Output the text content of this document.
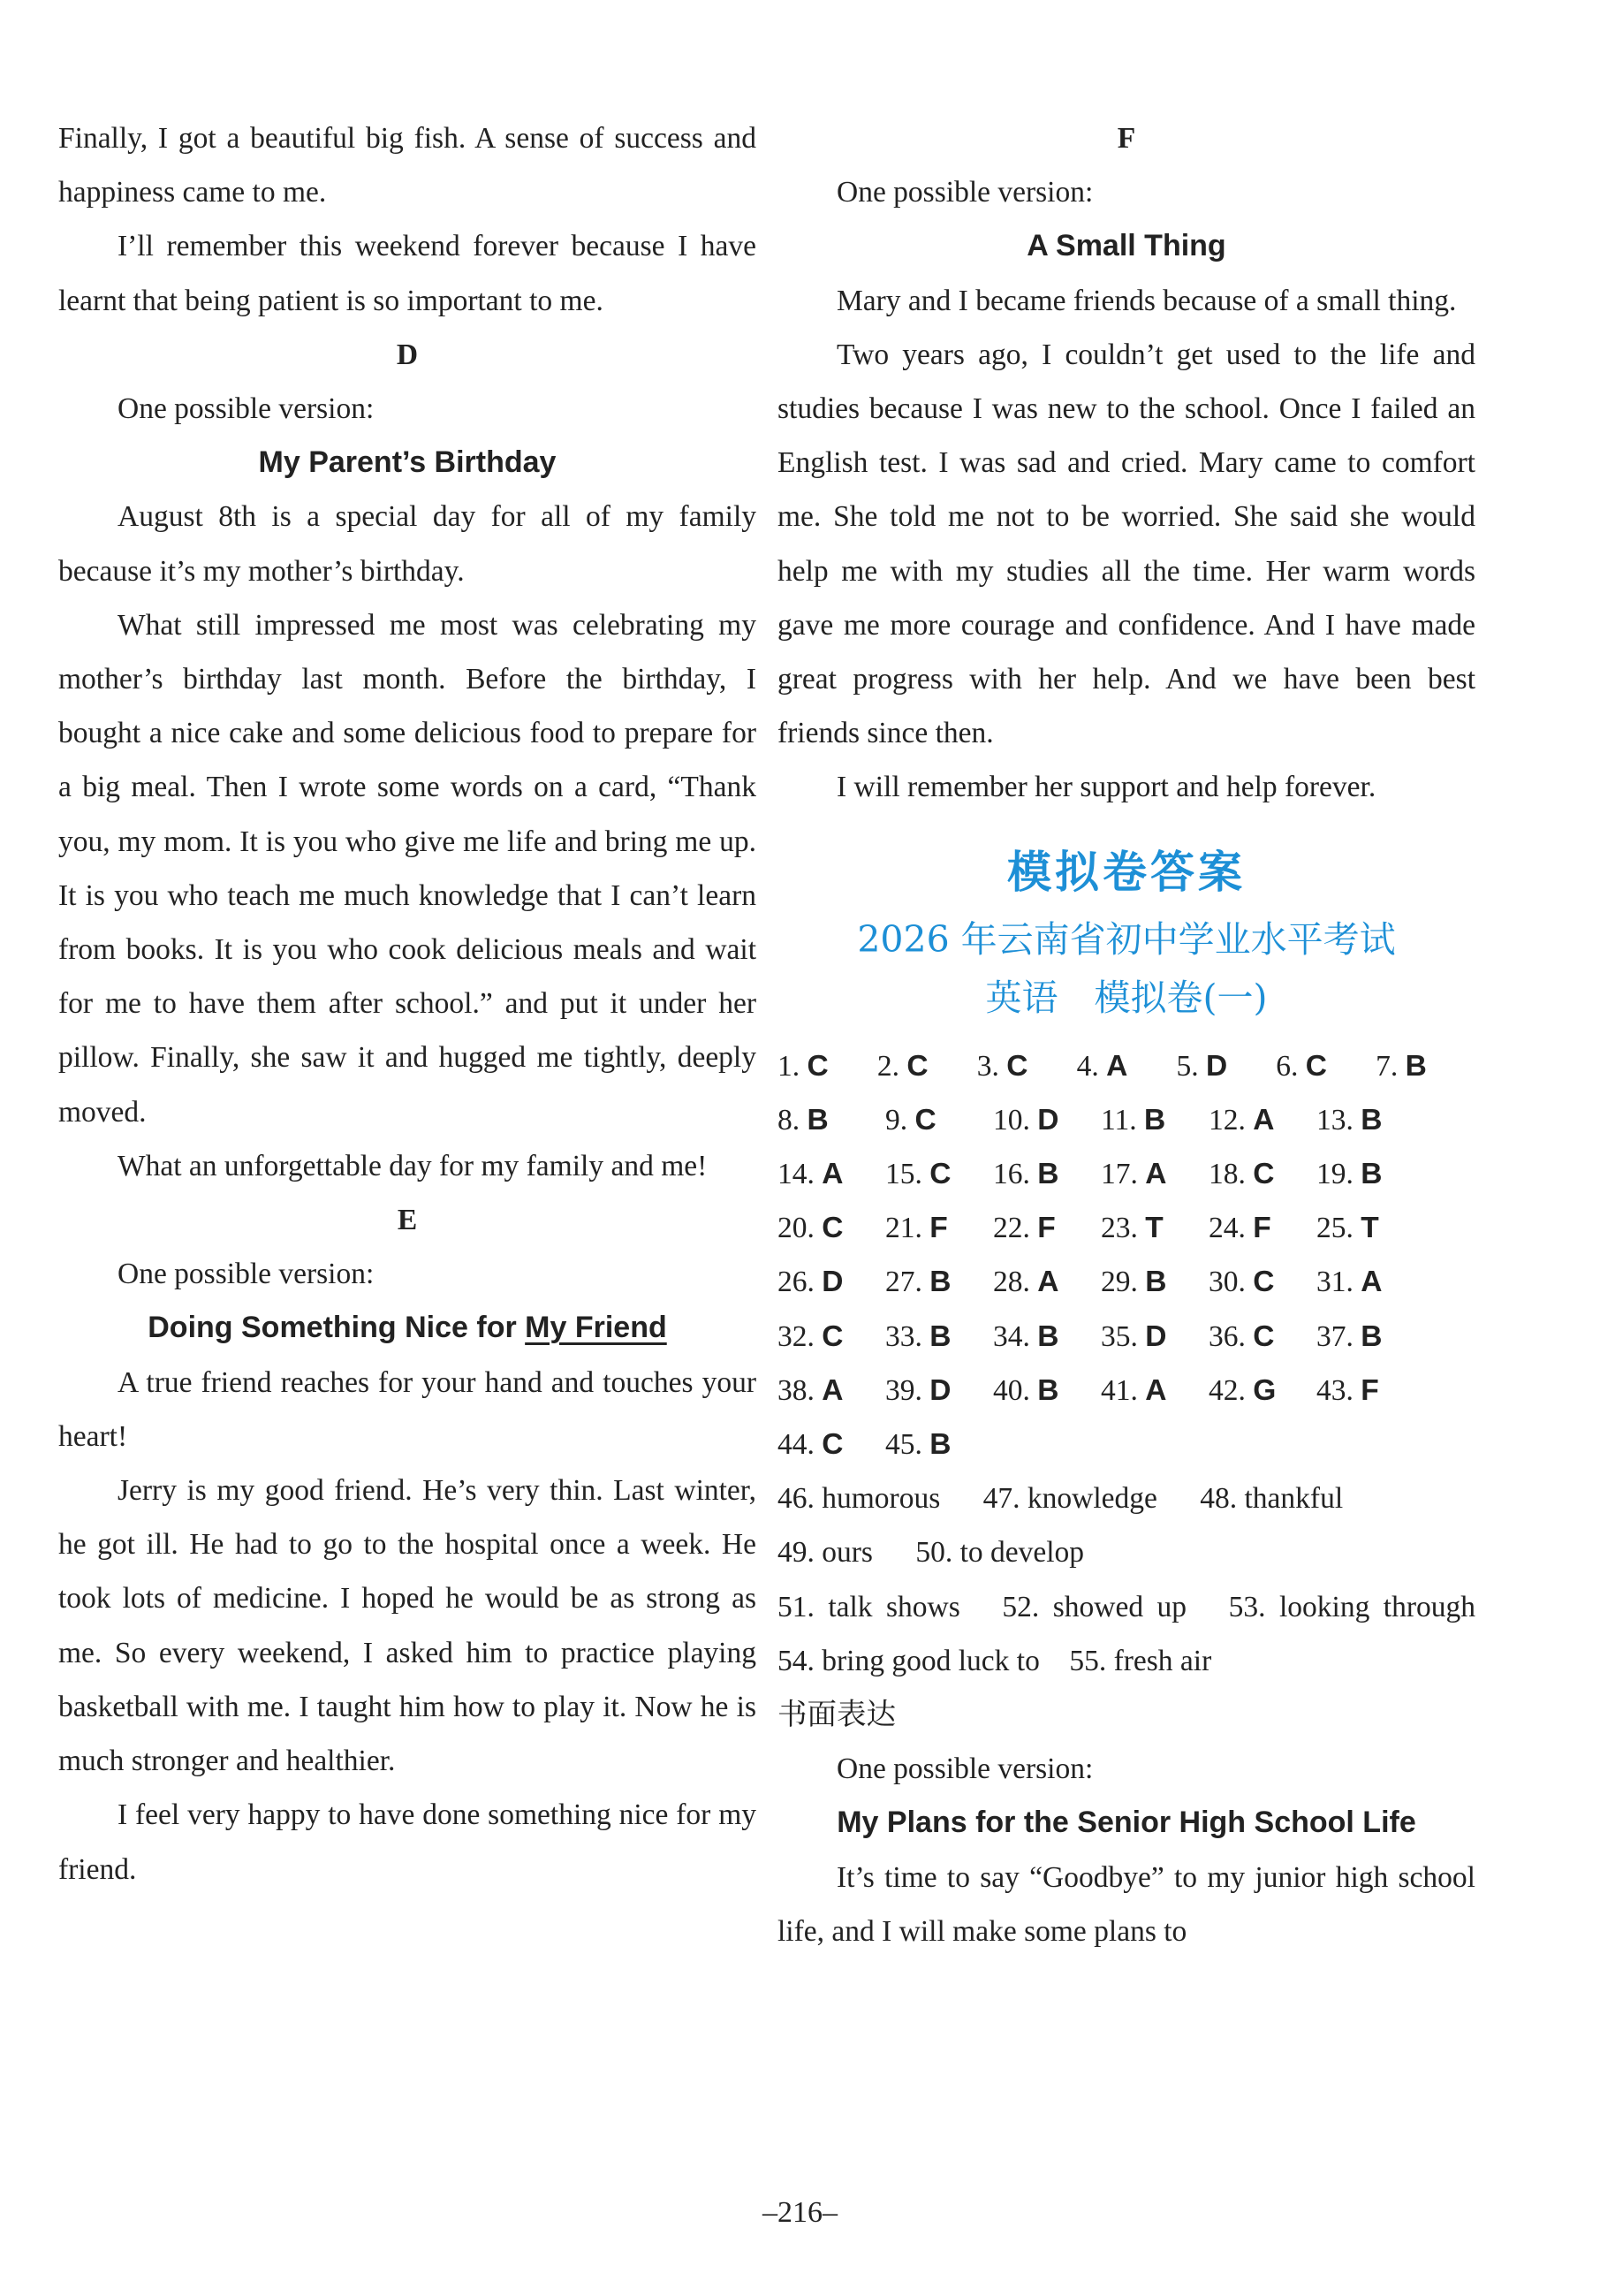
Finally, I got a beautiful big fish. A sense of success and happiness came to me.

I’ll remember this weekend forever because I have learnt that being patient is so important to me.

D

One possible version:

My Parent’s Birthday

August 8th is a special day for all of my family because it’s my mother’s birthday.

What still impressed me most was celebrating my mother’s birthday last month. Before the birthday, I bought a nice cake and some delicious food to prepare for a big meal. Then I wrote some words on a card, “Thank you, my mom. It is you who give me life and bring me up. It is you who teach me much knowledge that I can’t learn from books. It is you who cook delicious meals and wait for me to have them after school.” and put it under her pillow. Finally, she saw it and hugged me tightly, deeply moved.

What an unforgettable day for my family and me!

E

One possible version:

Doing Something Nice for My Friend

A true friend reaches for your hand and touches your heart!

Jerry is my good friend. He’s very thin. Last winter, he got ill. He had to go to the hospital once a week. He took lots of medicine. I hoped he would be as strong as me. So every weekend, I asked him to practice playing basketball with me. I taught him how to play it. Now he is much stronger and healthier.

I feel very happy to have done something nice for my friend.

F

One possible version:

A Small Thing

Mary and I became friends because of a small thing.

Two years ago, I couldn’t get used to the life and studies because I was new to the school. Once I failed an English test. I was sad and cried. Mary came to comfort me. She told me not to be worried. She said she would help me with my studies all the time. Her warm words gave me more courage and confidence. And I have made great progress with her help. And we have been best friends since then.

I will remember her support and help forever.

模拟卷答案
2026 年云南省初中学业水平考试
英语　模拟卷(一)
1. C	2. C	3. C	4. A	5. D	6. C	7. B
8. B	9. C	10. D	11. B	12. A	13. B
14. A	15. C	16. B	17. A	18. C	19. B
20. C	21. F	22. F	23. T	24. F	25. T
26. D	27. B	28. A	29. B	30. C	31. A
32. C	33. B	34. B	35. D	36. C	37. B
38. A	39. D	40. B	41. A	42. G	43. F
44. C	45. B
46. humorous 47. knowledge 48. thankful
49. ours 50. to develop

51. talk shows　52. showed up　53. looking through　54. bring good luck to　55. fresh air

书面表达

One possible version:

My Plans for the Senior High School Life

It’s time to say “Goodbye” to my junior high school life, and I will make some plans to

–216–
